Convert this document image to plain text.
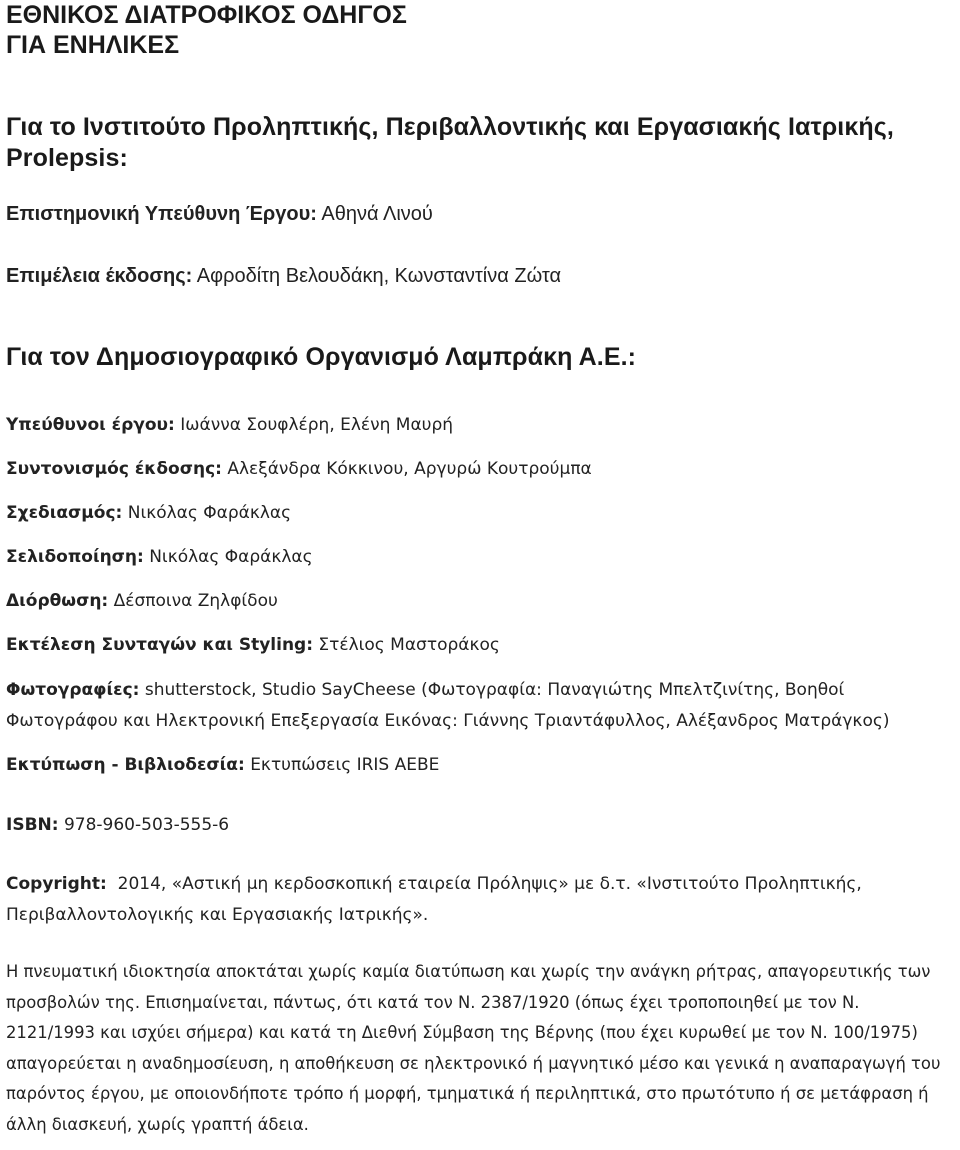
ΕΘΝΙΚΟΣ ΔΙΑΤΡΟΦΙΚΟΣ ΟΔΗΓΟΣ
ΓΙΑ ΕΝΗΛΙΚΕΣ
Για το Ινστιτούτο Προληπτικής, Περιβαλλοντικής και Εργασιακής Ιατρικής, Prolepsis:

Επιστημονική Υπεύθυνη Έργου: Αθηνά Λινού

Επιμέλεια έκδοσης: Αφροδίτη Βελουδάκη, Κωνσταντίνα Ζώτα

Για τον Δημοσιογραφικό Οργανισμό Λαμπράκη Α.Ε.:

Υπεύθυνοι έργου: Ιωάννα Σουφλέρη, Ελένη Μαυρή

Συντονισμός έκδοσης: Αλεξάνδρα Κόκκινου, Αργυρώ Κουτρούμπα

Σχεδιασμός: Νικόλας Φαράκλας

Σελιδοποίηση: Νικόλας Φαράκλας

Διόρθωση: Δέσποινα Ζηλφίδου

Εκτέλεση Συνταγών και Styling: Στέλιος Μαστοράκος

Φωτογραφίες: shutterstock, Studio SayCheese (Φωτογραφία: Παναγιώτης Μπελτζινίτης, Βοηθοί Φωτογράφου και Ηλεκτρονική Επεξεργασία Εικόνας: Γιάννης Τριαντάφυλλος, Αλέξανδρος Ματράγκος)

Εκτύπωση - Βιβλιοδεσία: Εκτυπώσεις IRIS AEBE

ISBN: 978-960-503-555-6

Copyright: 2014, «Αστική μη κερδοσκοπική εταιρεία Πρόληψις» με δ.τ. «Ινστιτούτο Προληπτικής, Περιβαλλοντολογικής και Εργασιακής Ιατρικής».

Η πνευματική ιδιοκτησία αποκτάται χωρίς καμία διατύπωση και χωρίς την ανάγκη ρήτρας, απαγορευτικής των προσβολών της. Επισημαίνεται, πάντως, ότι κατά τον Ν. 2387/1920 (όπως έχει τροποποιηθεί με τον Ν. 2121/1993 και ισχύει σήμερα) και κατά τη Διεθνή Σύμβαση της Βέρνης (που έχει κυρωθεί με τον Ν. 100/1975) απαγορεύεται η αναδημοσίευση, η αποθήκευση σε ηλεκτρονικό ή μαγνητικό μέσο και γενικά η αναπαραγωγή του παρόντος έργου, με οποιονδήποτε τρόπο ή μορφή, τμηματικά ή περιληπτικά, στο πρωτότυπο ή σε μετάφραση ή άλλη διασκευή, χωρίς γραπτή άδεια.
